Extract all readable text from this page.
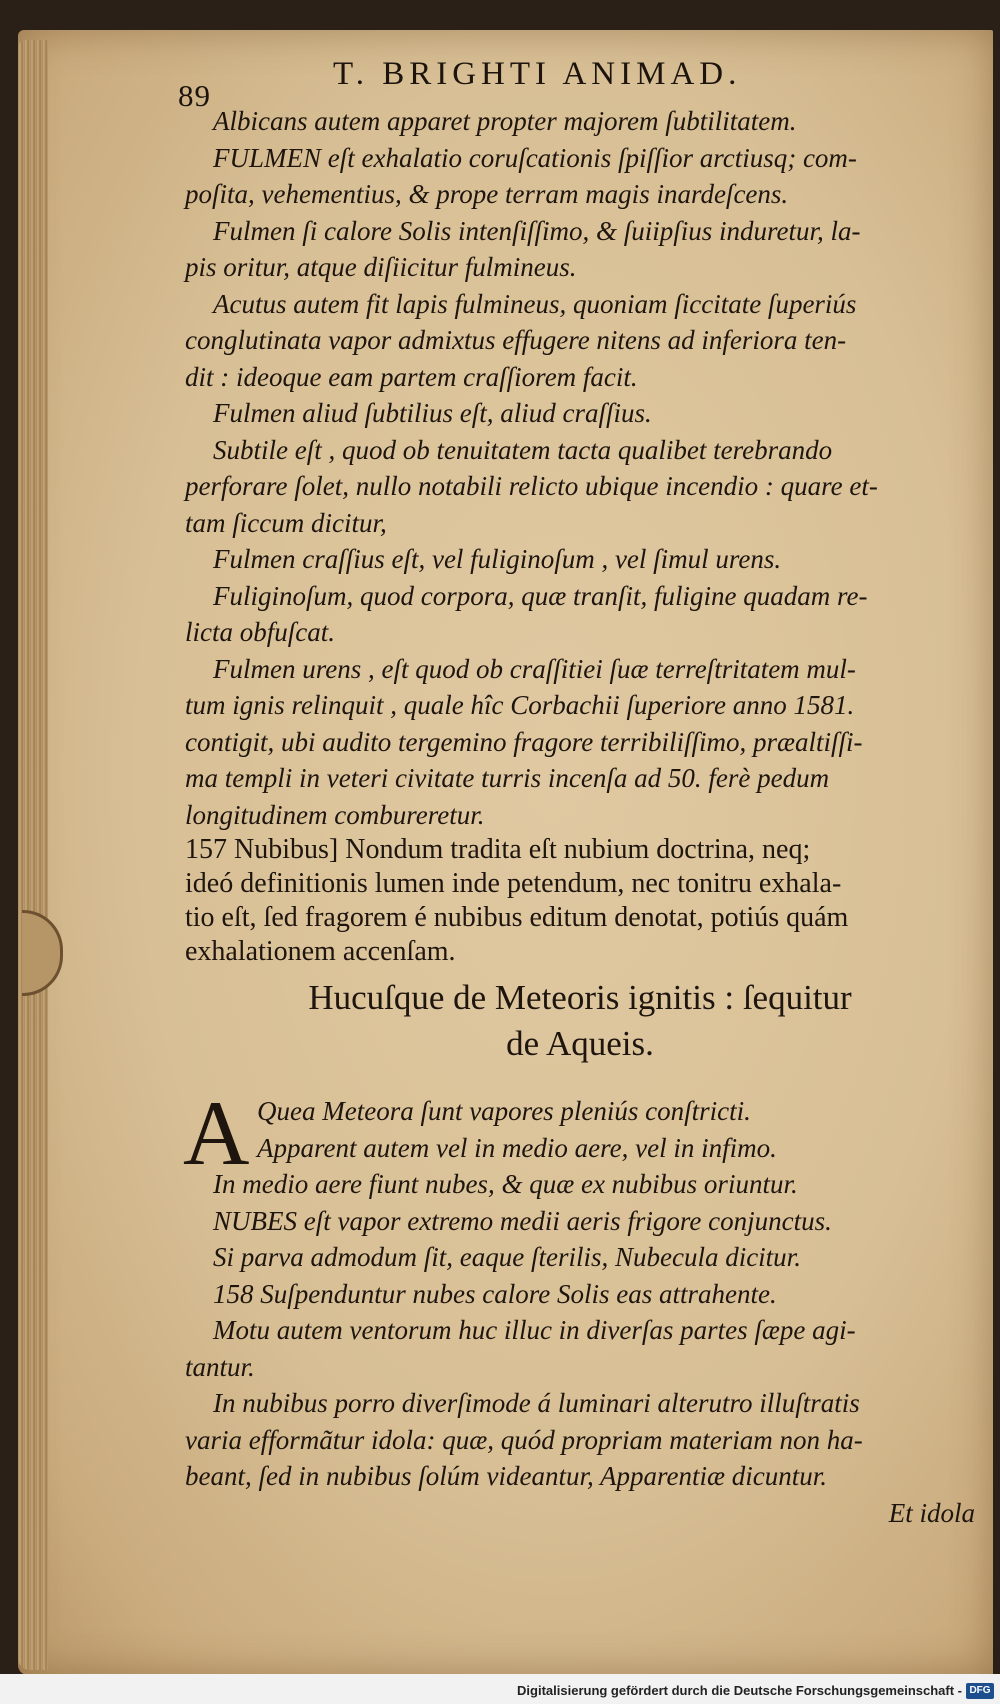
89
T. BRIGHTI ANIMAD.
Albicans autem apparet propter majorem ſubtilitatem.
FULMEN eſt exhalatio coruſcationis ſpiſſior arctiusq; com-
poſita, vehementius, & prope terram magis inardeſcens.
Fulmen ſi calore Solis intenſiſſimo, & ſuiipſius induretur, la-
pis oritur, atque diſiicitur fulmineus.
Acutus autem fit lapis fulmineus, quoniam ſiccitate ſuperiús
conglutinata vapor admixtus effugere nitens ad inferiora ten-
dit : ideoque eam partem craſſiorem facit.
Fulmen aliud ſubtilius eſt, aliud craſſius.
Subtile eſt , quod ob tenuitatem tacta qualibet terebrando
perforare ſolet, nullo notabili relicto ubique incendio : quare et-
tam ſiccum dicitur,
Fulmen craſſius eſt, vel fuliginoſum , vel ſimul urens.
Fuliginoſum, quod corpora, quæ tranſit, fuligine quadam re-
licta obfuſcat.
Fulmen urens , eſt quod ob craſſitiei ſuæ terreſtritatem mul-
tum ignis relinquit , quale hîc Corbachii ſuperiore anno 1581.
contigit, ubi audito tergemino fragore terribiliſſimo, præaltiſſi-
ma templi in veteri civitate turris incenſa ad 50. ferè pedum
longitudinem combureretur.
157 Nubibus] Nondum tradita eſt nubium doctrina, neq;
ideó definitionis lumen inde petendum, nec tonitru exhala-
tio eſt, ſed fragorem é nubibus editum denotat, potiús quám
exhalationem accenſam.
Hucuſque de Meteoris ignitis : ſequitur
de Aqueis.
A Quea Meteora ſunt vapores pleniús conſtricti.
Apparent autem vel in medio aere, vel in infimo.
In medio aere fiunt nubes, & quæ ex nubibus oriuntur.
NUBES eſt vapor extremo medii aeris frigore conjunctus.
Si parva admodum ſit, eaque ſterilis, Nubecula dicitur.
158 Suſpenduntur nubes calore Solis eas attrahente.
Motu autem ventorum huc illuc in diverſas partes ſæpe agi-
tantur.
In nubibus porro diverſimode á luminari alterutro illuſtratis
varia efformãtur idola: quæ, quód propriam materiam non ha-
beant, ſed in nubibus ſolúm videantur, Apparentiæ dicuntur.
Et idola
Digitalisierung gefördert durch die Deutsche Forschungsgemeinschaft - DFG
